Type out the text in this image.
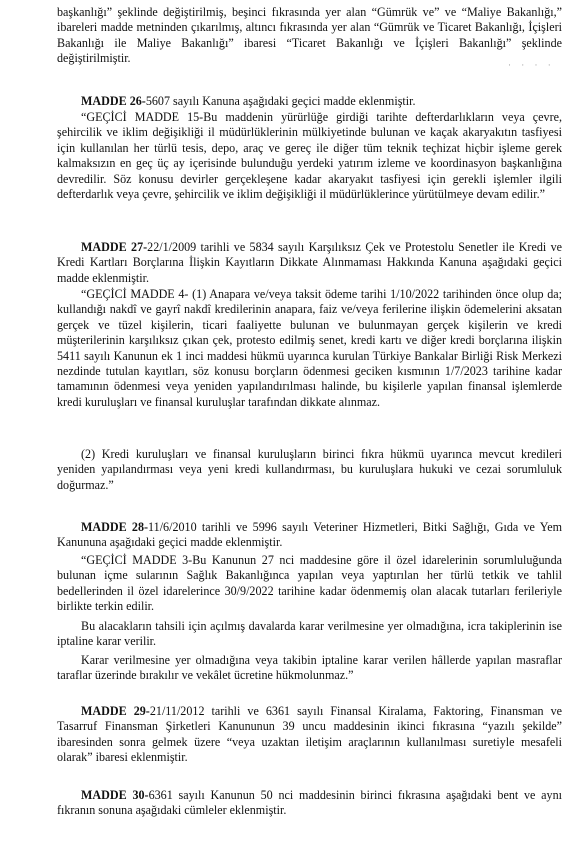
başkanlığı” şeklinde değiştirilmiş, beşinci fıkrasında yer alan “Gümrük ve” ve “Maliye Bakanlığı,” ibareleri madde metninden çıkarılmış, altıncı fıkrasında yer alan “Gümrük ve Ticaret Bakanlığı, İçişleri Bakanlığı ile Maliye Bakanlığı” ibaresi “Ticaret Bakanlığı ve İçişleri Bakanlığı” şeklinde değiştirilmiştir.	· · · ·

MADDE 26-5607 sayılı Kanuna aşağıdaki geçici madde eklenmiştir.

“GEÇİCİ MADDE 15-Bu maddenin yürürlüğe girdiği tarihte defterdarlıkların veya çevre, şehircilik ve iklim değişikliği il müdürlüklerinin mülkiyetinde bulunan ve kaçak akaryakıtın tasfiyesi için kullanılan her türlü tesis, depo, araç ve gereç ile diğer tüm teknik teçhizat hiçbir işleme gerek kalmaksızın en geç üç ay içerisinde bulunduğu yerdeki yatırım izleme ve koordinasyon başkanlığına devredilir. Söz konusu devirler gerçekleşene kadar akaryakıt tasfiyesi için gerekli işlemler ilgili defterdarlık veya çevre, şehircilik ve iklim değişikliği il müdürlüklerince yürütülmeye devam edilir.”

MADDE 27-22/1/2009 tarihli ve 5834 sayılı Karşılıksız Çek ve Protestolu Senetler ile Kredi ve Kredi Kartları Borçlarına İlişkin Kayıtların Dikkate Alınmaması Hakkında Kanuna aşağıdaki geçici madde eklenmiştir.

“GEÇİCİ MADDE 4- (1) Anapara ve/veya taksit ödeme tarihi 1/10/2022 tarihinden önce olup da; kullandığı nakdî ve gayrî nakdî kredilerinin anapara, faiz ve/veya ferilerine ilişkin ödemelerini aksatan gerçek ve tüzel kişilerin, ticari faaliyette bulunan ve bulunmayan gerçek kişilerin ve kredi müşterilerinin karşılıksız çıkan çek, protesto edilmiş senet, kredi kartı ve diğer kredi borçlarına ilişkin 5411 sayılı Kanunun ek 1 inci maddesi hükmü uyarınca kurulan Türkiye Bankalar Birliği Risk Merkezi nezdinde tutulan kayıtları, söz konusu borçların ödenmesi geciken kısmının 1/7/2023 tarihine kadar tamamının ödenmesi veya yeniden yapılandırılması halinde, bu kişilerle yapılan finansal işlemlerde kredi kuruluşları ve finansal kuruluşlar tarafından dikkate alınmaz.

(2) Kredi kuruluşları ve finansal kuruluşların birinci fıkra hükmü uyarınca mevcut kredileri yeniden yapılandırması veya yeni kredi kullandırması, bu kuruluşlara hukuki ve cezai sorumluluk doğurmaz.”

MADDE 28-11/6/2010 tarihli ve 5996 sayılı Veteriner Hizmetleri, Bitki Sağlığı, Gıda ve Yem Kanununa aşağıdaki geçici madde eklenmiştir.

“GEÇİCİ MADDE 3-Bu Kanunun 27 nci maddesine göre il özel idarelerinin sorumluluğunda bulunan içme sularının Sağlık Bakanlığınca yapılan veya yaptırılan her türlü tetkik ve tahlil bedellerinden il özel idarelerince 30/9/2022 tarihine kadar ödenmemiş olan alacak tutarları ferileriyle birlikte terkin edilir.

Bu alacakların tahsili için açılmış davalarda karar verilmesine yer olmadığına, icra takiplerinin ise iptaline karar verilir.

Karar verilmesine yer olmadığına veya takibin iptaline karar verilen hâllerde yapılan masraflar taraflar üzerinde bırakılır ve vekâlet ücretine hükmolunmaz.”

MADDE 29-21/11/2012 tarihli ve 6361 sayılı Finansal Kiralama, Faktoring, Finansman ve Tasarruf Finansman Şirketleri Kanununun 39 uncu maddesinin ikinci fıkrasına “yazılı şekilde” ibaresinden sonra gelmek üzere “veya uzaktan iletişim araçlarının kullanılması suretiyle mesafeli olarak” ibaresi eklenmiştir.

MADDE 30-6361 sayılı Kanunun 50 nci maddesinin birinci fıkrasına aşağıdaki bent ve aynı fıkranın sonuna aşağıdaki cümleler eklenmiştir.
